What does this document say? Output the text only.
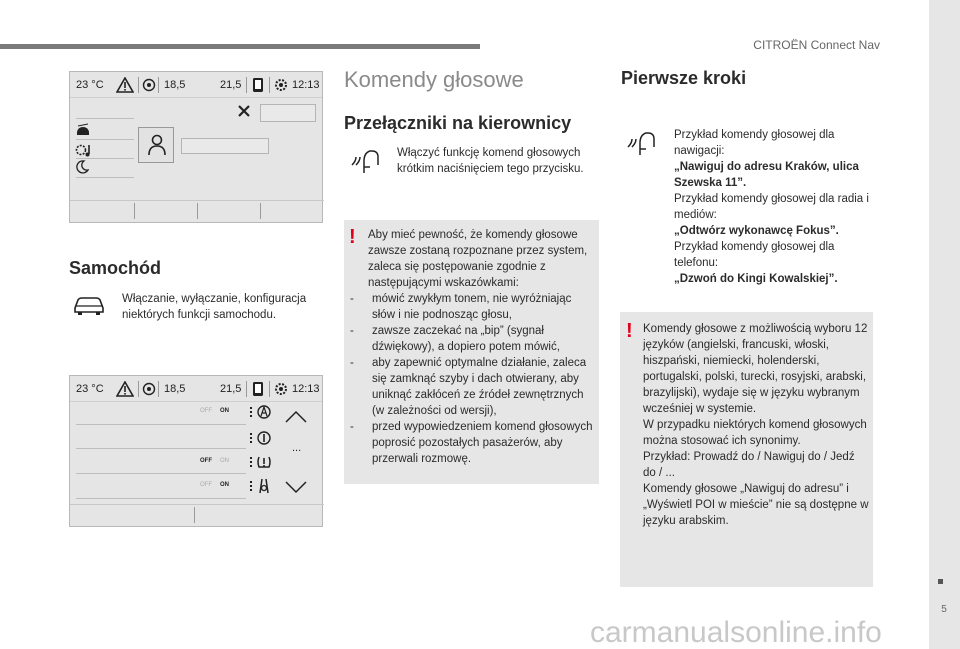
CITROËN Connect Nav
5
carmanualsonline.info
23 °C	18,5	21,5	12:13
Samochód
Włączanie, wyłączanie, konfiguracja niektórych funkcji samochodu.
23 °C	18,5	21,5	12:13
OFF ON
OFF ON
OFF ON
...
Komendy głosowe
Przełączniki na kierownicy
Włączyć funkcję komend głosowych krótkim naciśnięciem tego przycisku.
! Aby mieć pewność, że komendy głosowe zawsze zostaną rozpoznane przez system, zaleca się postępowanie zgodnie z następującymi wskazówkami:
- mówić zwykłym tonem, nie wyróżniając słów i nie podnosząc głosu,
- zawsze zaczekać na „bip” (sygnał dźwiękowy), a dopiero potem mówić,
- aby zapewnić optymalne działanie, zaleca się zamknąć szyby i dach otwierany, aby uniknąć zakłóceń ze źródeł zewnętrznych (w zależności od wersji),
- przed wypowiedzeniem komend głosowych poprosić pozostałych pasażerów, aby przerwali rozmowę.
Pierwsze kroki
Przykład komendy głosowej dla nawigacji:
„Nawiguj do adresu Kraków, ulica Szewska 11”.
Przykład komendy głosowej dla radia i mediów:
„Odtwórz wykonawcę Fokus”.
Przykład komendy głosowej dla telefonu:
„Dzwoń do Kingi Kowalskiej”.
! Komendy głosowe z możliwością wyboru 12 języków (angielski, francuski, włoski, hiszpański, niemiecki, holenderski, portugalski, polski, turecki, rosyjski, arabski, brazylijski), wydaje się w języku wybranym wcześniej w systemie.
W przypadku niektórych komend głosowych można stosować ich synonimy.
Przykład: Prowadź do / Nawiguj do / Jedź do / ...
Komendy głosowe „Nawiguj do adresu” i „Wyświetl POI w mieście” nie są dostępne w języku arabskim.
